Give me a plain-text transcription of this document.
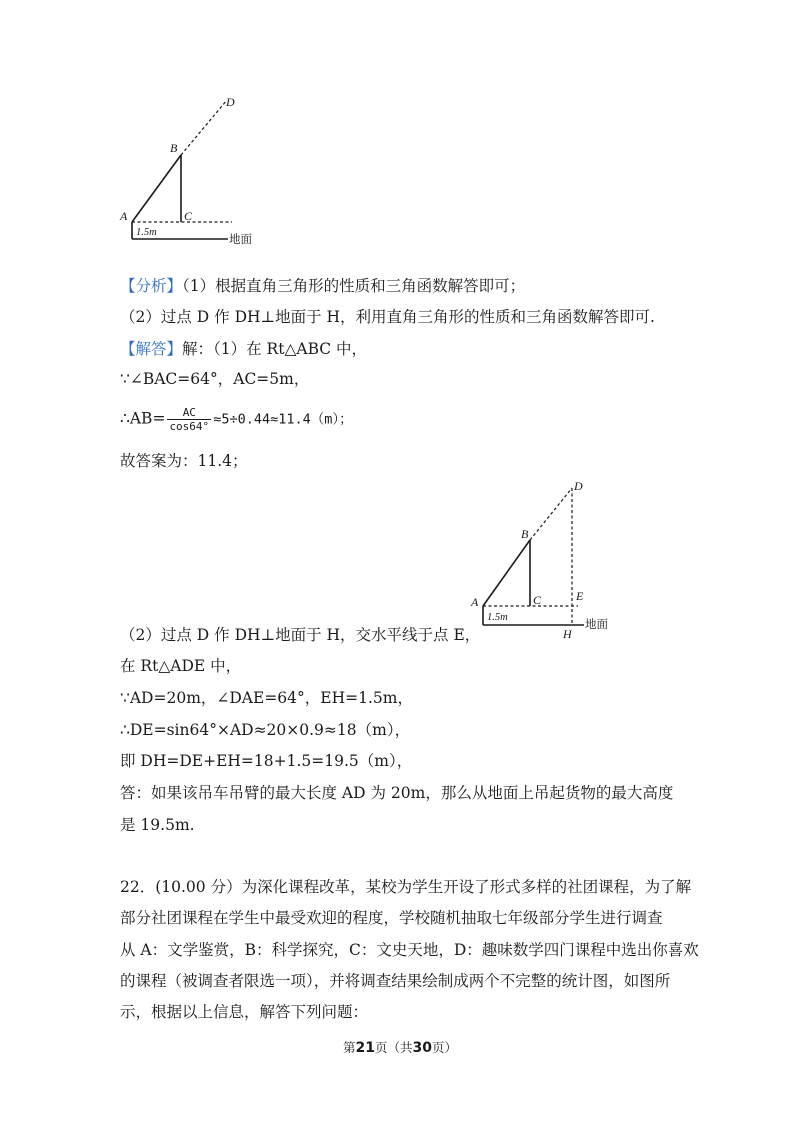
D
B
A	C
1.5m	地面
【分析】（1）根据直角三角形的性质和三角函数解答即可；
（2）过点 D 作 DH⊥地面于 H，利用直角三角形的性质和三角函数解答即可.
【解答】解：（1）在 Rt△ABC 中，
∵∠BAC=64°，AC=5m，
∴AB= $\frac{AC}{\cos 64^\circ} \approx 5\div 0.44\approx 11.4(m)$；
故答案为：11.4；
D
B
A	C	E
H
1.5m	地面
（2）过点 D 作 DH⊥地面于 H，交水平线于点 E，
在 Rt△ADE 中，
∵AD=20m，∠DAE=64°，EH=1.5m，
∴DE=sin64°×AD≈20×0.9≈18（m），
即 DH=DE+EH=18+1.5=19.5（m），
答：如果该吊车吊臂的最大长度 AD 为 20m，那么从地面上吊起货物的最大高度
是 19.5m.
22．(10.00 分）为深化课程改革，某校为学生开设了形式多样的社团课程，为了解
部分社团课程在学生中最受欢迎的程度，学校随机抽取七年级部分学生进行调查
从 A：文学鉴赏，B：科学探究，C：文史天地，D：趣味数学四门课程中选出你喜欢
的课程（被调查者限选一项），并将调查结果绘制成两个不完整的统计图，如图所
示，根据以上信息，解答下列问题：
第21页（共30页）
